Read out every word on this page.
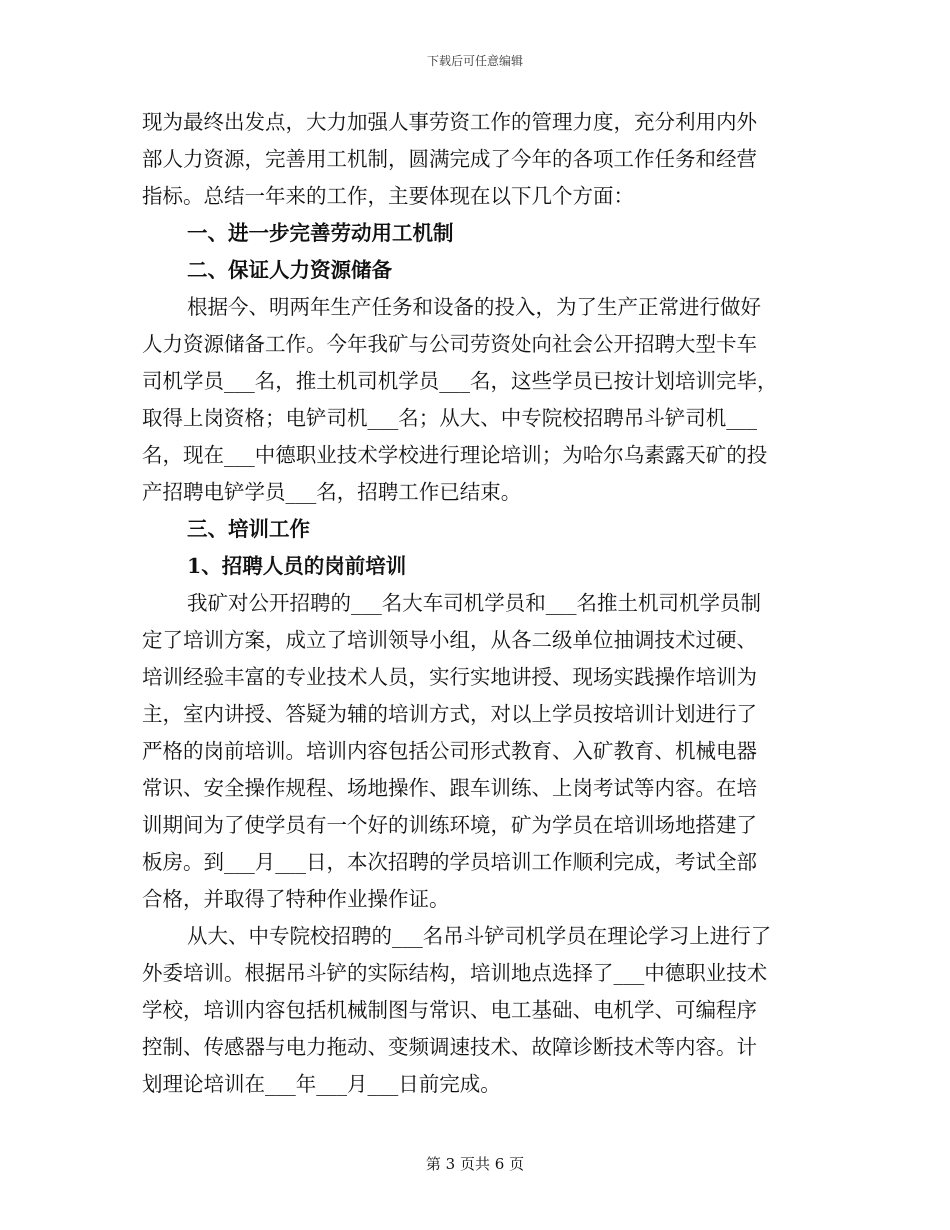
下载后可任意编辑
现为最终出发点，大力加强人事劳资工作的管理力度，充分利用内外
部人力资源，完善用工机制，圆满完成了今年的各项工作任务和经营
指标。总结一年来的工作，主要体现在以下几个方面：
一、进一步完善劳动用工机制
二、保证人力资源储备
根据今、明两年生产任务和设备的投入，为了生产正常进行做好
人力资源储备工作。今年我矿与公司劳资处向社会公开招聘大型卡车
司机学员___名，推土机司机学员___名，这些学员已按计划培训完毕，
取得上岗资格；电铲司机___名；从大、中专院校招聘吊斗铲司机___
名，现在___中德职业技术学校进行理论培训；为哈尔乌素露天矿的投
产招聘电铲学员___名，招聘工作已结束。
三、培训工作
1、招聘人员的岗前培训
我矿对公开招聘的___名大车司机学员和___名推土机司机学员制
定了培训方案，成立了培训领导小组，从各二级单位抽调技术过硬、
培训经验丰富的专业技术人员，实行实地讲授、现场实践操作培训为
主，室内讲授、答疑为辅的培训方式，对以上学员按培训计划进行了
严格的岗前培训。培训内容包括公司形式教育、入矿教育、机械电器
常识、安全操作规程、场地操作、跟车训练、上岗考试等内容。在培
训期间为了使学员有一个好的训练环境，矿为学员在培训场地搭建了
板房。到___月___日，本次招聘的学员培训工作顺利完成，考试全部
合格，并取得了特种作业操作证。
从大、中专院校招聘的___名吊斗铲司机学员在理论学习上进行了
外委培训。根据吊斗铲的实际结构，培训地点选择了___中德职业技术
学校，培训内容包括机械制图与常识、电工基础、电机学、可编程序
控制、传感器与电力拖动、变频调速技术、故障诊断技术等内容。计
划理论培训在___年___月___日前完成。
第 3 页共 6 页
